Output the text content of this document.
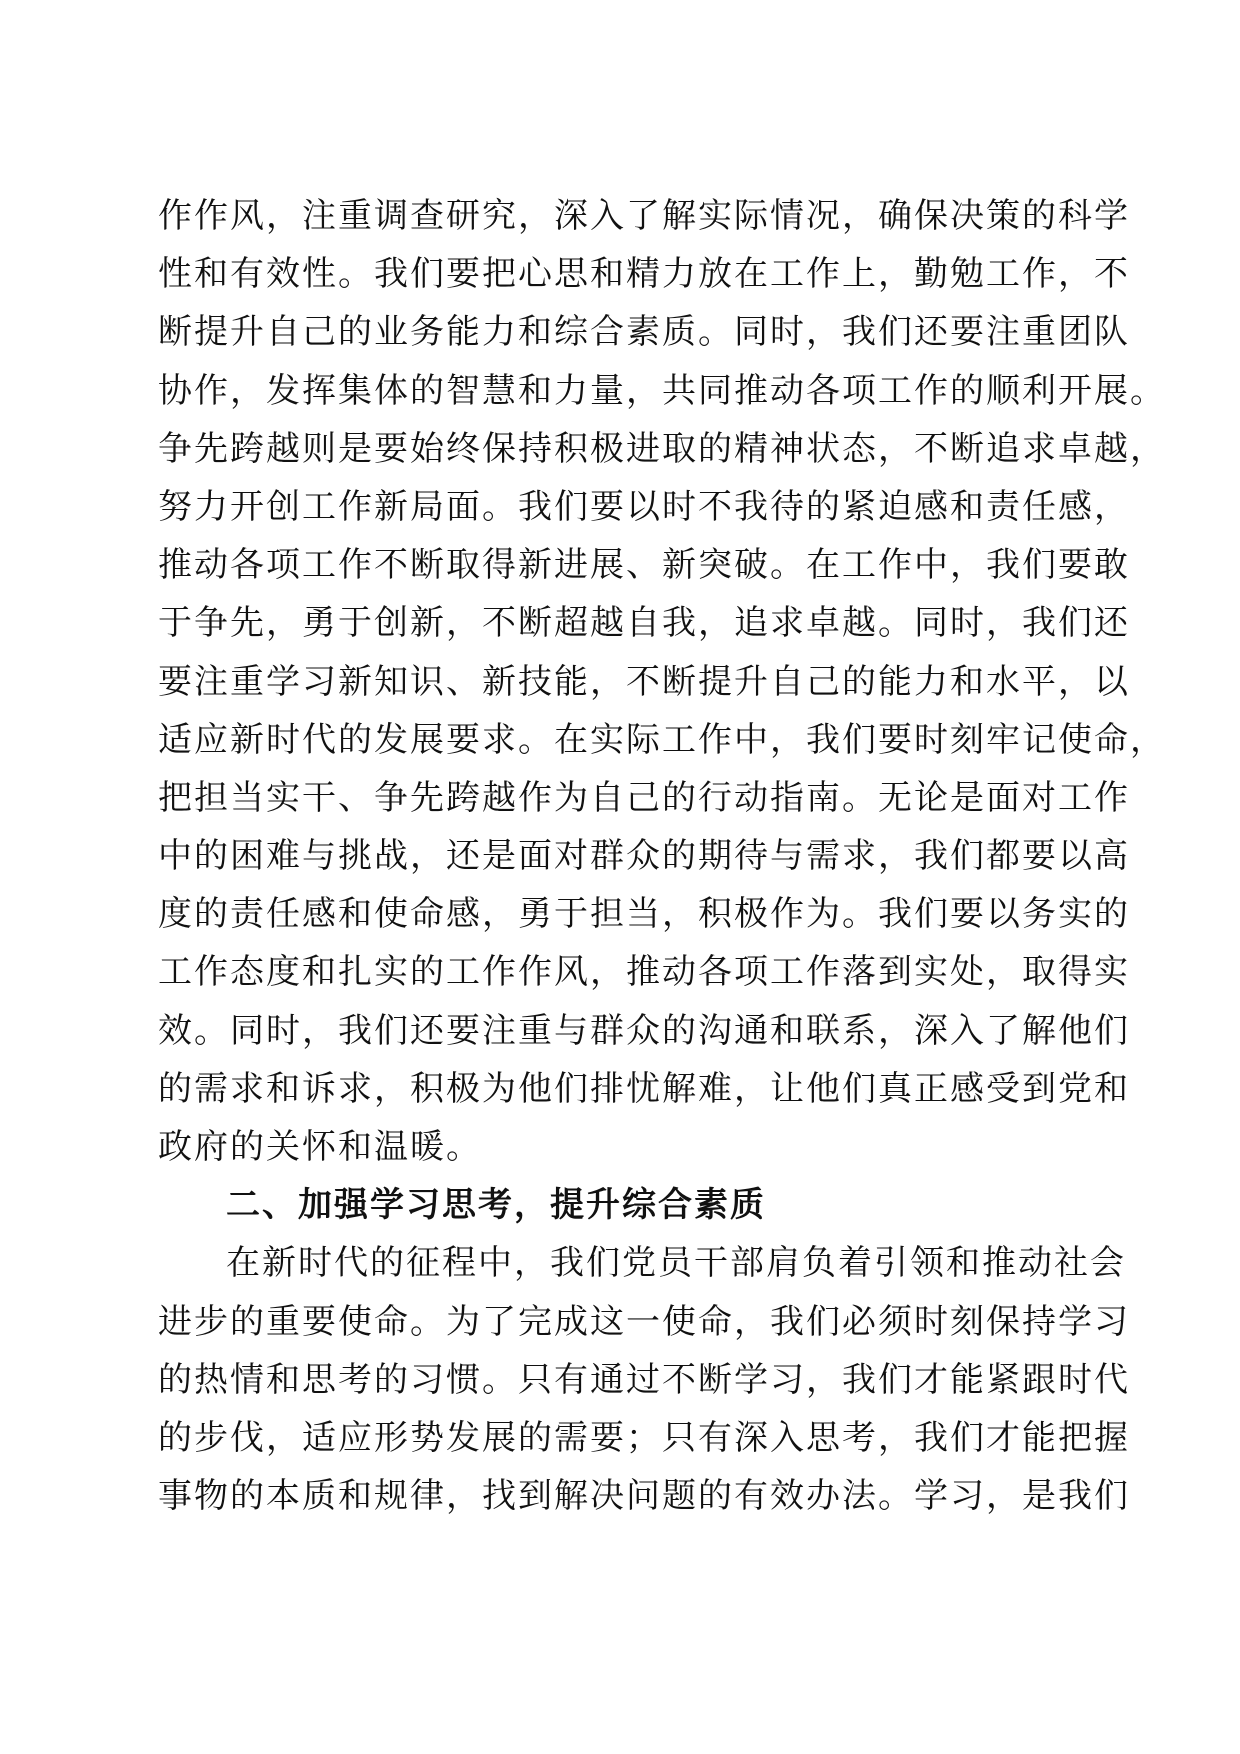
作作风，注重调查研究，深入了解实际情况，确保决策的科学
性和有效性。我们要把心思和精力放在工作上，勤勉工作，不
断提升自己的业务能力和综合素质。同时，我们还要注重团队
协作，发挥集体的智慧和力量，共同推动各项工作的顺利开展。
争先跨越则是要始终保持积极进取的精神状态，不断追求卓越，
努力开创工作新局面。我们要以时不我待的紧迫感和责任感，
推动各项工作不断取得新进展、新突破。在工作中，我们要敢
于争先，勇于创新，不断超越自我，追求卓越。同时，我们还
要注重学习新知识、新技能，不断提升自己的能力和水平，以
适应新时代的发展要求。在实际工作中，我们要时刻牢记使命，
把担当实干、争先跨越作为自己的行动指南。无论是面对工作
中的困难与挑战，还是面对群众的期待与需求，我们都要以高
度的责任感和使命感，勇于担当，积极作为。我们要以务实的
工作态度和扎实的工作作风，推动各项工作落到实处，取得实
效。同时，我们还要注重与群众的沟通和联系，深入了解他们
的需求和诉求，积极为他们排忧解难，让他们真正感受到党和
政府的关怀和温暖。
二、加强学习思考，提升综合素质
在新时代的征程中，我们党员干部肩负着引领和推动社会
进步的重要使命。为了完成这一使命，我们必须时刻保持学习
的热情和思考的习惯。只有通过不断学习，我们才能紧跟时代
的步伐，适应形势发展的需要；只有深入思考，我们才能把握
事物的本质和规律，找到解决问题的有效办法。学习，是我们
